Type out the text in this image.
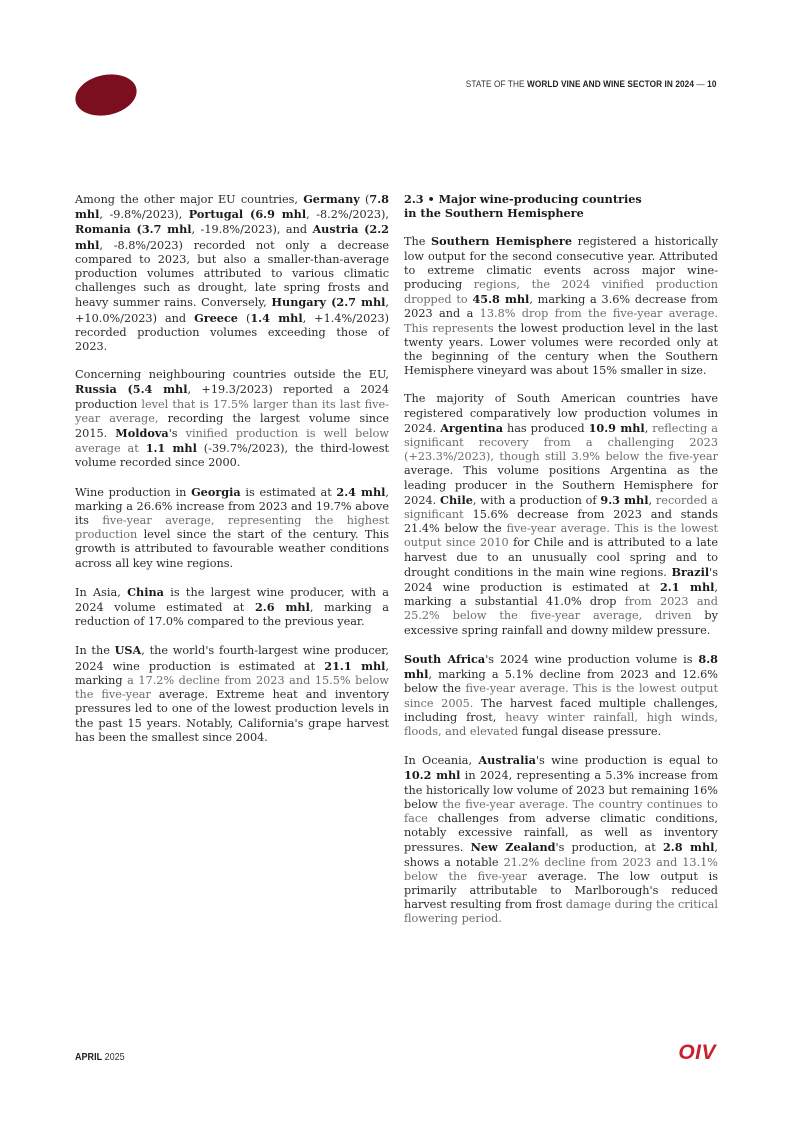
STATE OF THE WORLD VINE AND WINE SECTOR IN 2024 — 10

Among the other major EU countries, Germany (7.8 mhl, -9.8%/2023), Portugal (6.9 mhl, -8.2%/2023), Romania (3.7 mhl, -19.8%/2023), and Austria (2.2 mhl, -8.8%/2023) recorded not only a decrease compared to 2023, but also a smaller-than-average production volumes attributed to various climatic challenges such as drought, late spring frosts and heavy summer rains. Conversely, Hungary (2.7 mhl, +10.0%/2023) and Greece (1.4 mhl, +1.4%/2023) recorded production volumes exceeding those of 2023.

Concerning neighbouring countries outside the EU, Russia (5.4 mhl, +19.3/2023) reported a 2024 production level that is 17.5% larger than its last five-year average, recording the largest volume since 2015. Moldova's vinified production is well below average at 1.1 mhl (-39.7%/2023), the third-lowest volume recorded since 2000.

Wine production in Georgia is estimated at 2.4 mhl, marking a 26.6% increase from 2023 and 19.7% above its five-year average, representing the highest production level since the start of the century. This growth is attributed to favourable weather conditions across all key wine regions.

In Asia, China is the largest wine producer, with a 2024 volume estimated at 2.6 mhl, marking a reduction of 17.0% compared to the previous year.

In the USA, the world's fourth-largest wine producer, 2024 wine production is estimated at 21.1 mhl, marking a 17.2% decline from 2023 and 15.5% below the five-year average. Extreme heat and inventory pressures led to one of the lowest production levels in the past 15 years. Notably, California's grape harvest has been the smallest since 2004.

2.3 • Major wine-producing countries
in the Southern Hemisphere

The Southern Hemisphere registered a historically low output for the second consecutive year. Attributed to extreme climatic events across major wine-producing regions, the 2024 vinified production dropped to 45.8 mhl, marking a 3.6% decrease from 2023 and a 13.8% drop from the five-year average. This represents the lowest production level in the last twenty years. Lower volumes were recorded only at the beginning of the century when the Southern Hemisphere vineyard was about 15% smaller in size.

The majority of South American countries have registered comparatively low production volumes in 2024. Argentina has produced 10.9 mhl, reflecting a significant recovery from a challenging 2023 (+23.3%/2023), though still 3.9% below the five-year average. This volume positions Argentina as the leading producer in the Southern Hemisphere for 2024. Chile, with a production of 9.3 mhl, recorded a significant 15.6% decrease from 2023 and stands 21.4% below the five-year average. This is the lowest output since 2010 for Chile and is attributed to a late harvest due to an unusually cool spring and to drought conditions in the main wine regions. Brazil's 2024 wine production is estimated at 2.1 mhl, marking a substantial 41.0% drop from 2023 and 25.2% below the five-year average, driven by excessive spring rainfall and downy mildew pressure.

South Africa's 2024 wine production volume is 8.8 mhl, marking a 5.1% decline from 2023 and 12.6% below the five-year average. This is the lowest output since 2005. The harvest faced multiple challenges, including frost, heavy winter rainfall, high winds, floods, and elevated fungal disease pressure.

In Oceania, Australia's wine production is equal to 10.2 mhl in 2024, representing a 5.3% increase from the historically low volume of 2023 but remaining 16% below the five-year average. The country continues to face challenges from adverse climatic conditions, notably excessive rainfall, as well as inventory pressures. New Zealand's production, at 2.8 mhl, shows a notable 21.2% decline from 2023 and 13.1% below the five-year average. The low output is primarily attributable to Marlborough's reduced harvest resulting from frost damage during the critical flowering period.

APRIL 2025	OIV
